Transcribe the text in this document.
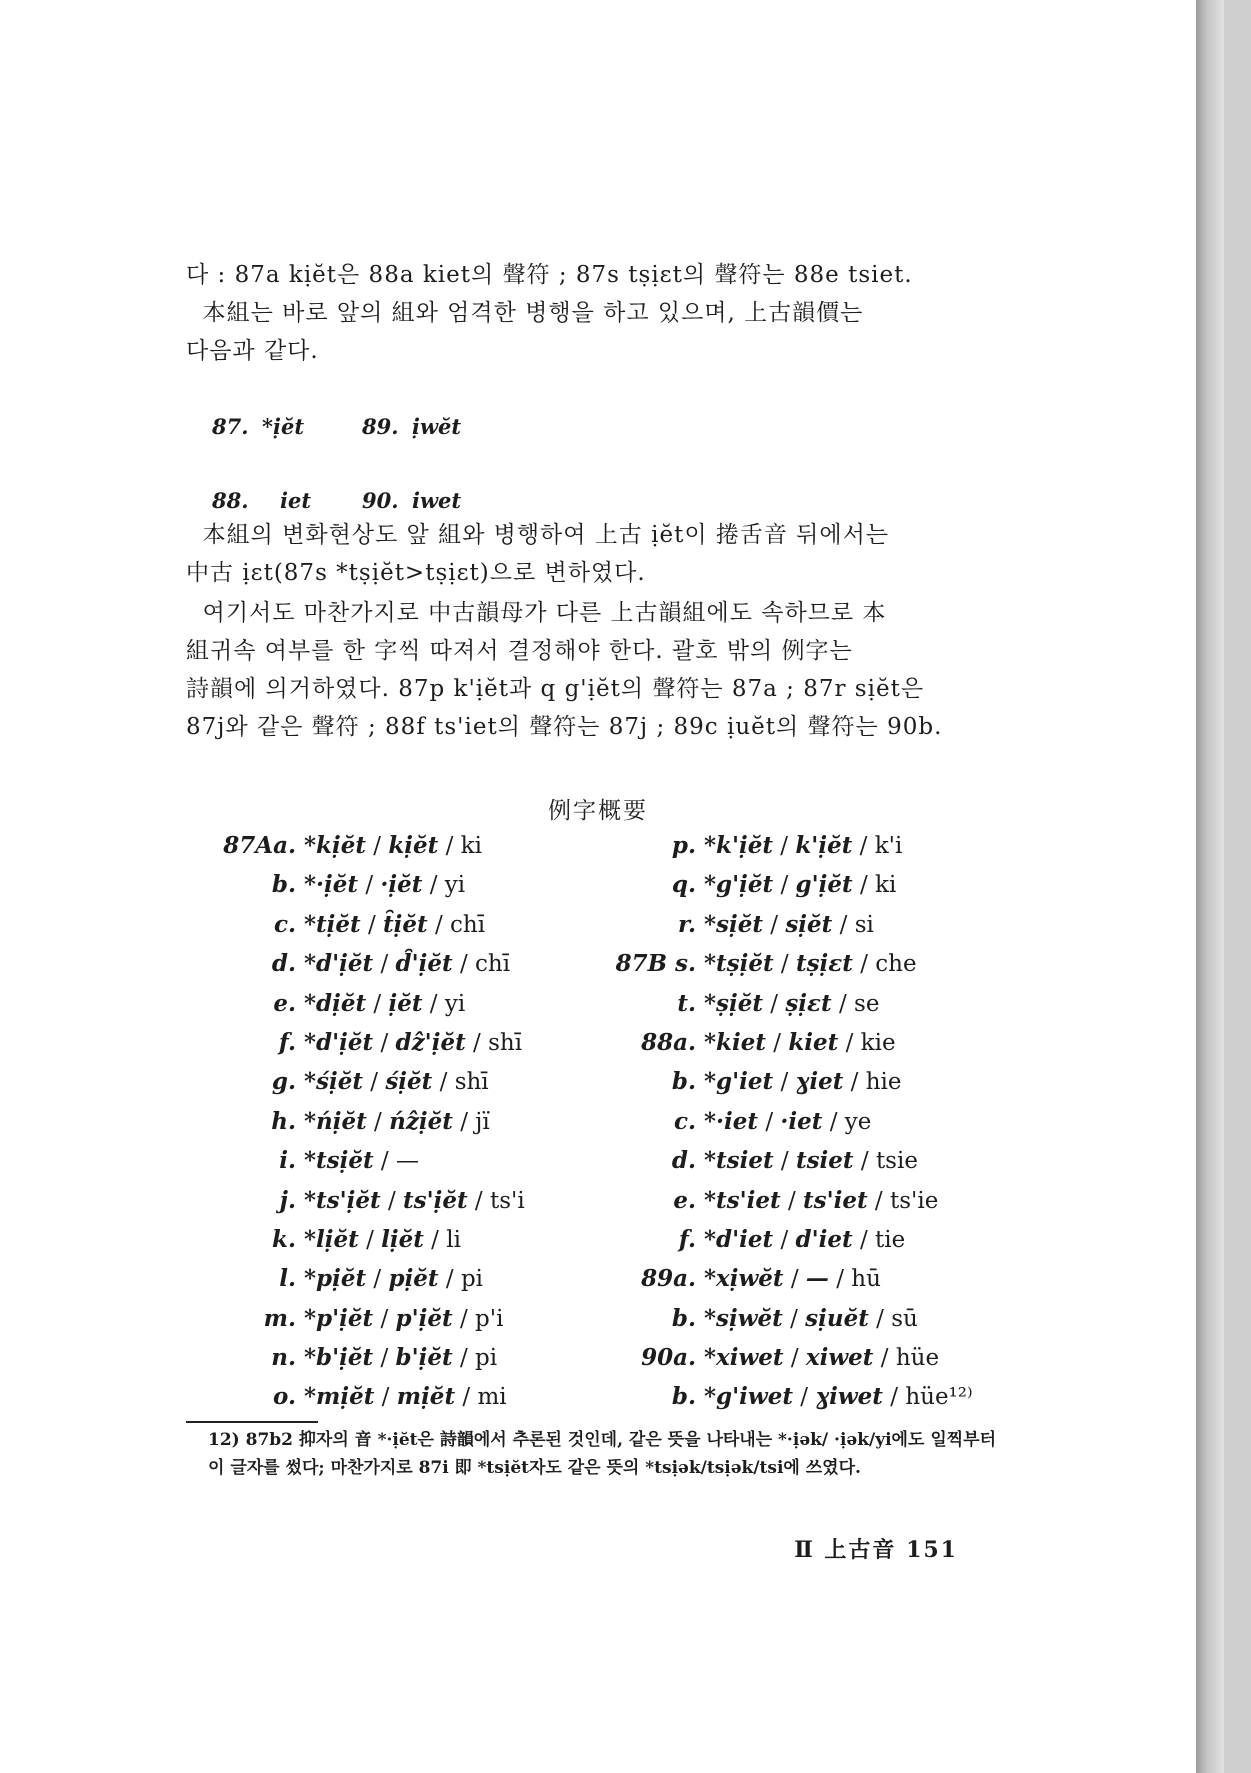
다 : 87a kịĕt은 88a kiet의 聲符 ; 87s tṣịɛt의 聲符는 88e tsiet.

本組는 바로 앞의 組와 엄격한 병행을 하고 있으며, 上古韻價는
다음과 같다.

87. *ịĕt	89. ịwĕt
88. iet 90. iwet

本組의 변화현상도 앞 組와 병행하여 上古 ịĕt이 捲舌音 뒤에서는
中古 ịɛt(87s *tṣịĕt>tṣịɛt)으로 변하였다.

여기서도 마찬가지로 中古韻母가 다른 上古韻組에도 속하므로 本
組귀속 여부를 한 字씩 따져서 결정해야 한다. 괄호 밖의 例字는
詩韻에 의거하였다. 87p k'ịĕt과 q g'ịĕt의 聲符는 87a ; 87r sịĕt은
87j와 같은 聲符 ; 88f ts'iet의 聲符는 87j ; 89c ịuĕt의 聲符는 90b.

例字概要
87Aa. *kịĕt / kịĕt / ki
b. *·ịĕt / ·ịĕt / yi
c. *tịĕt / t̑ịĕt / chī
d. *d'ịĕt / d̑'ịĕt / chī
e. *dịĕt / ịĕt / yi
f. *d'ịĕt / dẑ'ịĕt / shī
g. *śịĕt / śịĕt / shī
h. *ńịĕt / ńẑịĕt / jï
i. *tsịĕt / —
j. *ts'ịĕt / ts'ịĕt / ts'i
k. *lịĕt / lịĕt / li
l. *pịĕt / pịĕt / pi
m. *p'ịĕt / p'ịĕt / p'i
n. *b'ịĕt / b'ịĕt / pi
o. *mịĕt / mịĕt / mi
p. *k'ịĕt / k'ịĕt / k'i
q. *g'ịĕt / g'ịĕt / ki
r. *sịĕt / sịĕt / si
87B s. *tṣịĕt / tṣịɛt / che
t. *ṣịĕt / ṣịɛt / se
88a. *kiet / kiet / kie
b. *g'iet / ɣiet / hie
c. *·iet / ·iet / ye
d. *tsiet / tsiet / tsie
e. *ts'iet / ts'iet / ts'ie
f. *d'iet / d'iet / tie
89a. *xịwĕt / — / hū
b. *sịwĕt / sịuĕt / sū
90a. *xiwet / xiwet / hüe
b. *g'iwet / ɣiwet / hüe¹²⁾

12) 87b2 抑자의 音 *·ịĕt은 詩韻에서 추론된 것인데, 같은 뜻을 나타내는 *·ịək/ ·ịək/yi에도 일찍부터 이 글자를 썼다; 마찬가지로 87i 即 *tsịĕt자도 같은 뜻의 *tsịək/tsịək/tsi에 쓰였다.

Ⅱ 上古音 151
